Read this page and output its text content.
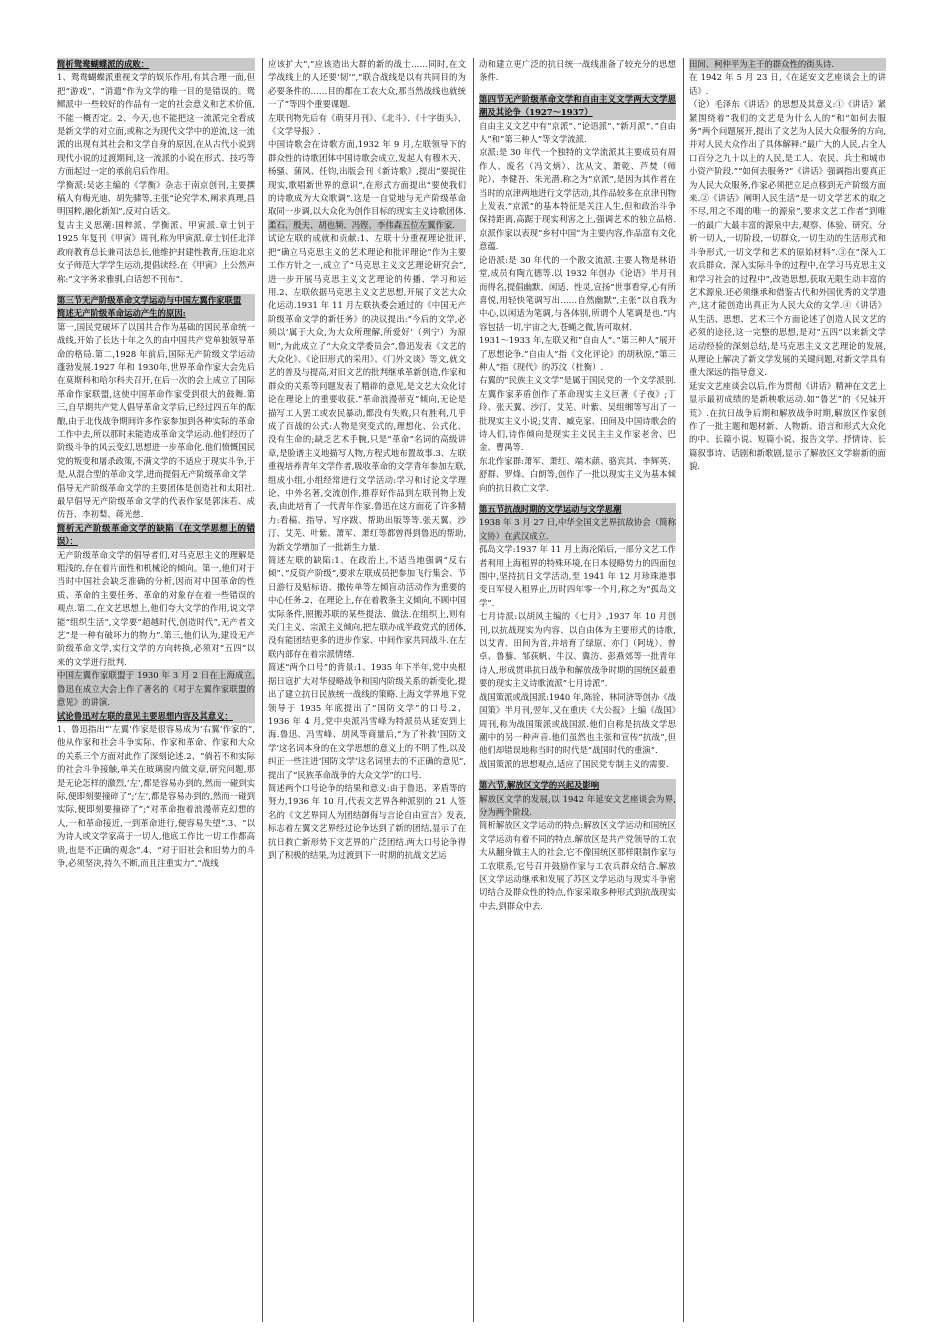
简析鸳鸯蝴蝶派的成败：

1、鸳鸯蝴蝶派重视文学的娱乐作用,有其合理一面,但把“游戏”、“消遣”作为文学的唯一目的是错误的。鸳鳏派中一些较好的作品有一定的社会意义和艺术价值,不能一概否定。2、今天,也不能把这一流派完全看成是新文学的对立面,或称之为现代文学中的逆流,这一流派的出现有其社会和文学自身的原因,在从古代小说到现代小说的过渡期间,这一流派的小说在形式、技巧等方面起过一定的承前启后作用。

学衡派:吴宓主编的《学衡》杂志于南京创刊,主要撰稿人有梅光迪、胡先骕等,主张“论究学术,阐求真理,昌明国粹,融化新知”,反对白话文。

复古主义思潮:国粹派、学衡派、甲寅派.章士钊于 1925 年复刊《甲寅》周刊,称为甲寅派.章士钊任北洋政府教育总长兼司法总长,他维护封建性教育,压迫北京女子师范大学学生运动,提倡读经.在《甲寅》上公然声称:“文字务求雅驯,白话恕不刊布”.

第三节无产阶级革命文学运动与中国左翼作家联盟

简述无产阶级革命运动产生的原因:

第一,国民党破坏了以国共合作为基础的国民革命统一战线,开始了长达十年之久的由中国共产党单独领导革命的格局.第二,1928 年前后,国际无产阶级文学运动蓬勃发展.1927 年和 1930年,世界革命作家大会先后在莫斯科和哈尔科夫召开,在后一次的会上成立了国际革命作家联盟,这使中国革命作家受到很大的鼓舞.第三,自早期共产党人倡导革命文学后,已经过四五年的酝酿,由于北伐战争期间许多作家参加到各种实际的革命工作中去,所以那时未能造成革命文学运动.他们经历了阶级斗争的风云变幻,思想进一步革命化.他们愤慨国民党的叛变和屠杀政策,不满文学的不适应于现实斗争,于是,从混合型的革命文学,进而提倡无产阶级革命文学

倡导无产阶级革命文学的主要团体是创造社和太阳社.最早倡导无产阶级革命文学的代表作家是郭沫若、成仿吾、李初梨、蒋光慈.

简析无产阶级革命文学的缺陷（在文学思想上的错误）：

无产阶级革命文学的倡导者们,对马克思主义的理解是粗浅的,存在着片面性和机械论的倾向。第一,他们对于当时中国社会缺乏准确的分析,因而对中国革命的性质、革命的主要任务、革命的对象存在着一些错误的观点.第二,在文艺思想上,他们夸大文学的作用,说文学能“组织生活”,文学要“超越时代,创造时代”,无产者文艺”是一种有破坏力的物力”.第三,他们认为,建设无产阶级革命文学,实行文学的方向转换,必须对“五四”以来的文学进行批判.

中国左翼作家联盟于 1930 年 3 月 2 日在上海成立,鲁迅在成立大会上作了著名的《对于左翼作家联盟的意见》的讲演.

试论鲁迅对左联的意见主要思想内容及其意义：

1、鲁迅指出“‘左翼’作家是很容易成为‘右翼’作家的”,他从作家和社会斗争实际、作家和革命、作家和大众的关系三个方面对此作了深刻论述.2、“倘若不和实际的社会斗争接触,单关在玻璃窗内做文章,研究问题,那是无论怎样的激烈,‘左’,都是容易办到的,然而一碰到实际,便即刻要撞碎了”;‘左’,都是容易办到的,然而一碰到实际,便即刻要撞碎了”;“对革命抱着浪漫蒂克幻想的人,一和革命接近,一到革命进行,便容易失望”.3、“以为诗人或文学家高于一切人,他底工作比一切工作都高贵,也是不正确的观念”.4、“对于旧社会和旧势力的斗争,必须坚决,持久不断,而且注重实力”,“战线

应该扩大”,“应该造出大群的新的战士……同时,在文学战线上的人还要‘韧’”,“联合战线是以有共同目的为必要条件的……目的都在工农大众,那当然战线也就统一了”等四个重要课题.

左联刊物先后有《萌芽月刊》、《北斗》、《十字街头》、《文学导报》.

中国诗歌会在诗歌方面,1932 年 9 月,左联领导下的群众性的诗歌团体中国诗歌会成立,发起人有穆木天、杨骚、蒲风、任钧,出版会刊《新诗歌》,提出“要捉住现实,歌唱新世界的意识”,在形式方面提出“要使我们的诗歌成为大众歌调”.这是一自觉地与无产阶级革命取同一步调,以大众化为创作目标的现实主义诗歌团体.

柔石、殷夫、胡也频、冯铿、李伟森五位左翼作家.

试论左联的成就和贡献:1、左联十分重视理论批评,把“确立马克思主义的艺术理论和批评理论”作为主要工作方针之一,成立了“马克思主义文艺理论研究会”,进一步开展马克思主义文艺理论的传播、学习和运用.2、左联依据马克思主义文艺思想,开展了文艺大众化运动.1931 年 11 月左联执委会通过的《中国无产阶级革命文学的新任务》的决议提出:“今后的文学,必须以‘属于大众,为大众所理解,所爱好’（列宁）为原则”,为此成立了“大众文学委员会”,鲁迅发表《文艺的大众化》、《论旧形式的采用》、《门外文谈》等文,就文艺的普及与提高,对旧文艺的批判继承革新创造,作家和群众的关系等问题发表了精辟的意见,是文艺大众化讨论在理论上的重要收获.”革命浪漫蒂克”倾向,无论是描写工人罢工或农民暴动,都没有失败,只有胜利,几乎成了百战的公式:人物是突变式的,理想化、公式化、没有生命的;缺乏艺术手腕,只是”革命”名词的高级讲章,是脸谱主义地描写人物,方程式地布置故事.3、左联重视培养青年文学作者,吸收革命的文学青年参加左联,组成小组,小组经常进行文学活动:学习和讨论文学理论、中外名著,交流创作,推荐好作品到左联刊物上发表,由此培育了一代青年作家.鲁迅在这方面花了许多精力:看稿、指导、写序跋、帮助出版等等.张天翼、沙汀、艾芜、叶紫、萧军、萧红等都曾得到鲁迅的帮助,为新文学增加了一批新生力量.

简述左联的缺陷:1、在政治上,不适当地强调”反右倾”、”反资产阶级”,要求左联成员把参加飞行集会、节日游行及贴标语、撒传单等左倾盲动活动作为重要的中心任务.2、在理论上,存在着教条主义倾向,不顾中国实际条件,照搬苏联的某些提法、做法.在组织上,则有关门主义、宗派主义倾向,把左联办成半政党式的团体,没有能团结更多的进步作家、中间作家共同战斗.在左联内部存在着宗派情绪.

简述“两个口号”的背景:1、1935 年下半年,党中央根据日寇扩大对华侵略战争和国内阶级关系的新变化,提出了建立抗日民族统一战线的策略.上海文学界地下党领导于 1935 年底提出了“国防文学”的口号.2、1936 年 4 月,党中央派冯雪峰为特派员从延安到上海.鲁迅、冯雪峰、胡风等商量后,“为了补救‘国防文学’这名词本身的在文学思想的意义上的不明了性,以及纠正一些注进‘国防文学’这名词里去的不正确的意见”,提出了“民族革命战争的大众文学”的口号.

简述两个口号论争的结果和意义:由于鲁迅、茅盾等的努力,1936 年 10 月,代表文艺界各种派别的 21 人签名的《文艺界同人为团结御侮与言论自由宣言》发表,标志着左翼文艺界经过论争达到了新的团结,显示了在抗日救亡新形势下文艺界的广泛团结.两大口号论争得到了积极的结果,为过渡到下一时期的抗战文艺运

动和建立更广泛的抗日统一战线准备了较充分的思想条件.

第四节无产阶级革命文学和自由主义文学两大文学思潮及其论争（1927～1937）

自由主义文艺中有”京派”、”论语派”、”新月派”、”自由人”和”第三种人”等文学流派.

京派:是 30 年代一个独特的文学流派其主要成员有周作人、废名（冯文炳）、沈从文、萧乾、芦焚（师陀）、李健吾、朱光潜.称之为”京派”,是因为其作者在当时的京津两地进行文学活动,其作品较多在京津刊物上发表.”京派”的基本特征是关注人生,但和政治斗争保持距离,高踞于现实利害之上,强调艺术的独立品格.京派作家以表现”乡村中国”为主要内容,作品富有文化意蕴.

论语派:是 30 年代的一个散文流派.主要人物是林语堂,成员有陶亢德等.以 1932 年创办《论语》半月刊而得名,提倡幽默、闲适、性灵,宣扬”世事看穿,心有所喜悦,用轻快笔调写出……自然幽默”,主张”以自我为中心,以闲适为笔调,与各体别,所谓个人笔调是也.”内容包括一切,宇宙之大,苍蝇之微,皆可取材.

1931～1933 年,左联又和”自由人”、”第三种人”展开了思想论争.”自由人”指《文化评论》的胡秋原,”第三种人”指《现代》的苏汶（杜衡）.

右翼的”民族主义文学”是属于国民党的一个文学派别.左翼作家茅盾创作了革命现实主义巨著《子夜》;丁玲、张天翼、沙汀、艾芜、叶紫、吴组缃等写出了一批现实主义小说;艾青、臧克家、田间及中国诗歌会的诗人们,诗作倾向是现实主义民主主义作家老舍、巴金、曹禺等.

东北作家群:萧军、萧红、端木蕻、骆宾其、李辉英、舒群、罗烽、白朗等,创作了一批以现实主义为基本倾向的抗日救亡文学.

第五节抗战时期的文学运动与文学思潮

1938 年 3 月 27 日,中华全国文艺界抗敌协会（简称文协）在武汉成立.

孤岛文学:1937 年 11 月上海沦陷后,一部分文艺工作者利用上海租界的特殊环境,在日本侵略势力的四面包围中,坚持抗日文学活动,至 1941 年 12 月珍珠港事变日军侵入租界止,历时四年零一个月,称之为”孤岛文学”.

七月诗派:以胡风主编的《七月》,1937 年 10 月创刊,以抗战现实为内容、以自由体为主要形式的诗歌,以艾青、田间为首,并培育了绿原、亦门（阿垅）、曾卓、鲁藜、邹荻帆、牛汉、冀汸、彭燕郊等一批青年诗人,形成贯串抗日战争和解放战争时期的国统区最重要的现实主义诗歌流派”七月诗派”.

战国策派或战国派:1940 年,陈铨、林同济等创办《战国策》半月刊,翌年,又在重庆《大公报》上编《战国》周刊,称为战国策派或战国派.他们自称是抗战文学思潮中的另一种声音.他们虽然也主张和宣传”抗战”,但他们却错误地称当时的时代是”战国时代的重演”.

战国策派的思想观点,适应了国民党专制主义的需要.

第六节,解放区文学的兴起及影响

解放区文学的发展,以 1942 年延安文艺座谈会为界,分为两个阶段.

简析解放区文学运动的特点:解放区文学运动和国统区文学运动有着不同的特点.解放区是共产党领导的工农大从翻身做主人的社会,它不像国统区那样限制作家与工农联系,它号召并鼓励作家与工农兵群众结合.解放区文学运动继承和发展了苏区文学运动与现实斗争密切结合及群众性的特点,作家采取多种形式到抗战现实中去,到群众中去.

田间、柯仲平为主干的群众性的街头诗.

在 1942 年 5 月 23 日,《在延安文艺座谈会上的讲话》.

（论）毛泽东《讲话》的思想及其意义:①《讲话》紧紧围绕着”我们的文艺是为什么人的”和”如何去服务”两个问题展开,提出了文艺为人民大众服务的方向,并对人民大众作出了具体解释:”最广大的人民,占全人口百分之九十以上的人民,是工人、农民、兵士和城市小资产阶段.”“如何去服务?”《讲话》强调指出要真正为人民大众服务,作家必须把立足点移到无产阶级方面来.②《讲话》阐明人民生活”是一切文学艺术的取之不尽,用之不竭的唯一的源泉”,要求文艺工作者”到唯一的最广大最丰富的源泉中去,观察、体验、研究、分析一切人,一切阶段,一切群众,一切生动的生活形式和斗争形式,一切文学和艺术的原始材料”.③在”深入工农兵群众、深入实际斗争的过程中,在学习马克思主义和学习社会的过程中”,改造思想,获取无限生动丰富的艺术源泉.还必须继承和借鉴古代和外国优秀的文学遗产,这才能创造出真正为人民大众的文学.④《讲话》从生活、思想、艺术三个方面论述了创造人民文艺的必须的途径,这一完整的思想,是对”五四”以来新文学运动经验的深刻总结,是马克思主义文艺理论的发展,从理论上解决了新文学发展的关键问题,对新文学具有重大深远的指导意义.

延安文艺座谈会以后,作为贯彻《讲话》精神在文艺上显示最初成绩的是新秧歌运动.如”鲁艺”的《兄妹开荒》.在抗日战争后期和解放战争时期,解放区作家创作了一批主题和题材新、人物新、语言和形式大众化的中、长篇小说、短篇小说、报告文学、抒情诗、长篇叙事诗、话剧和新歌剧,显示了解放区文学崭新的面貌.
